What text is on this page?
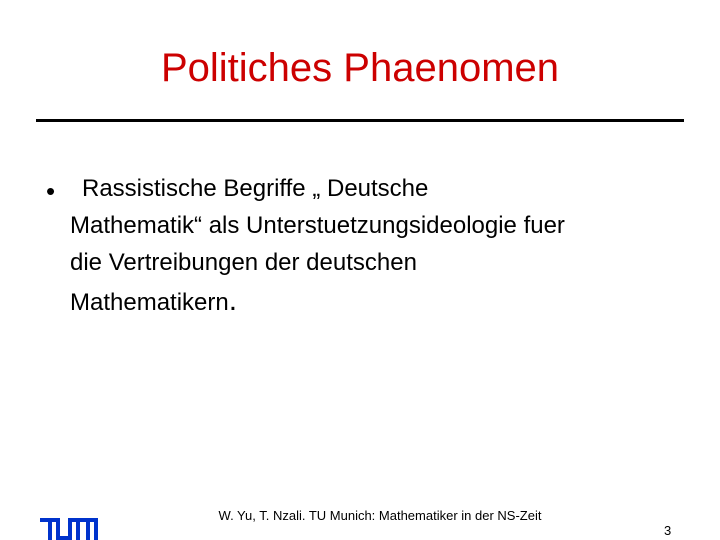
Politiches Phaenomen
• Rassistische Begriffe „ Deutsche
Mathematik“ als Unterstuetzungsideologie fuer
die Vertreibungen der deutschen
Mathematikern.
W. Yu, T. Nzali. TU Munich: Mathematiker in der NS-Zeit
3
